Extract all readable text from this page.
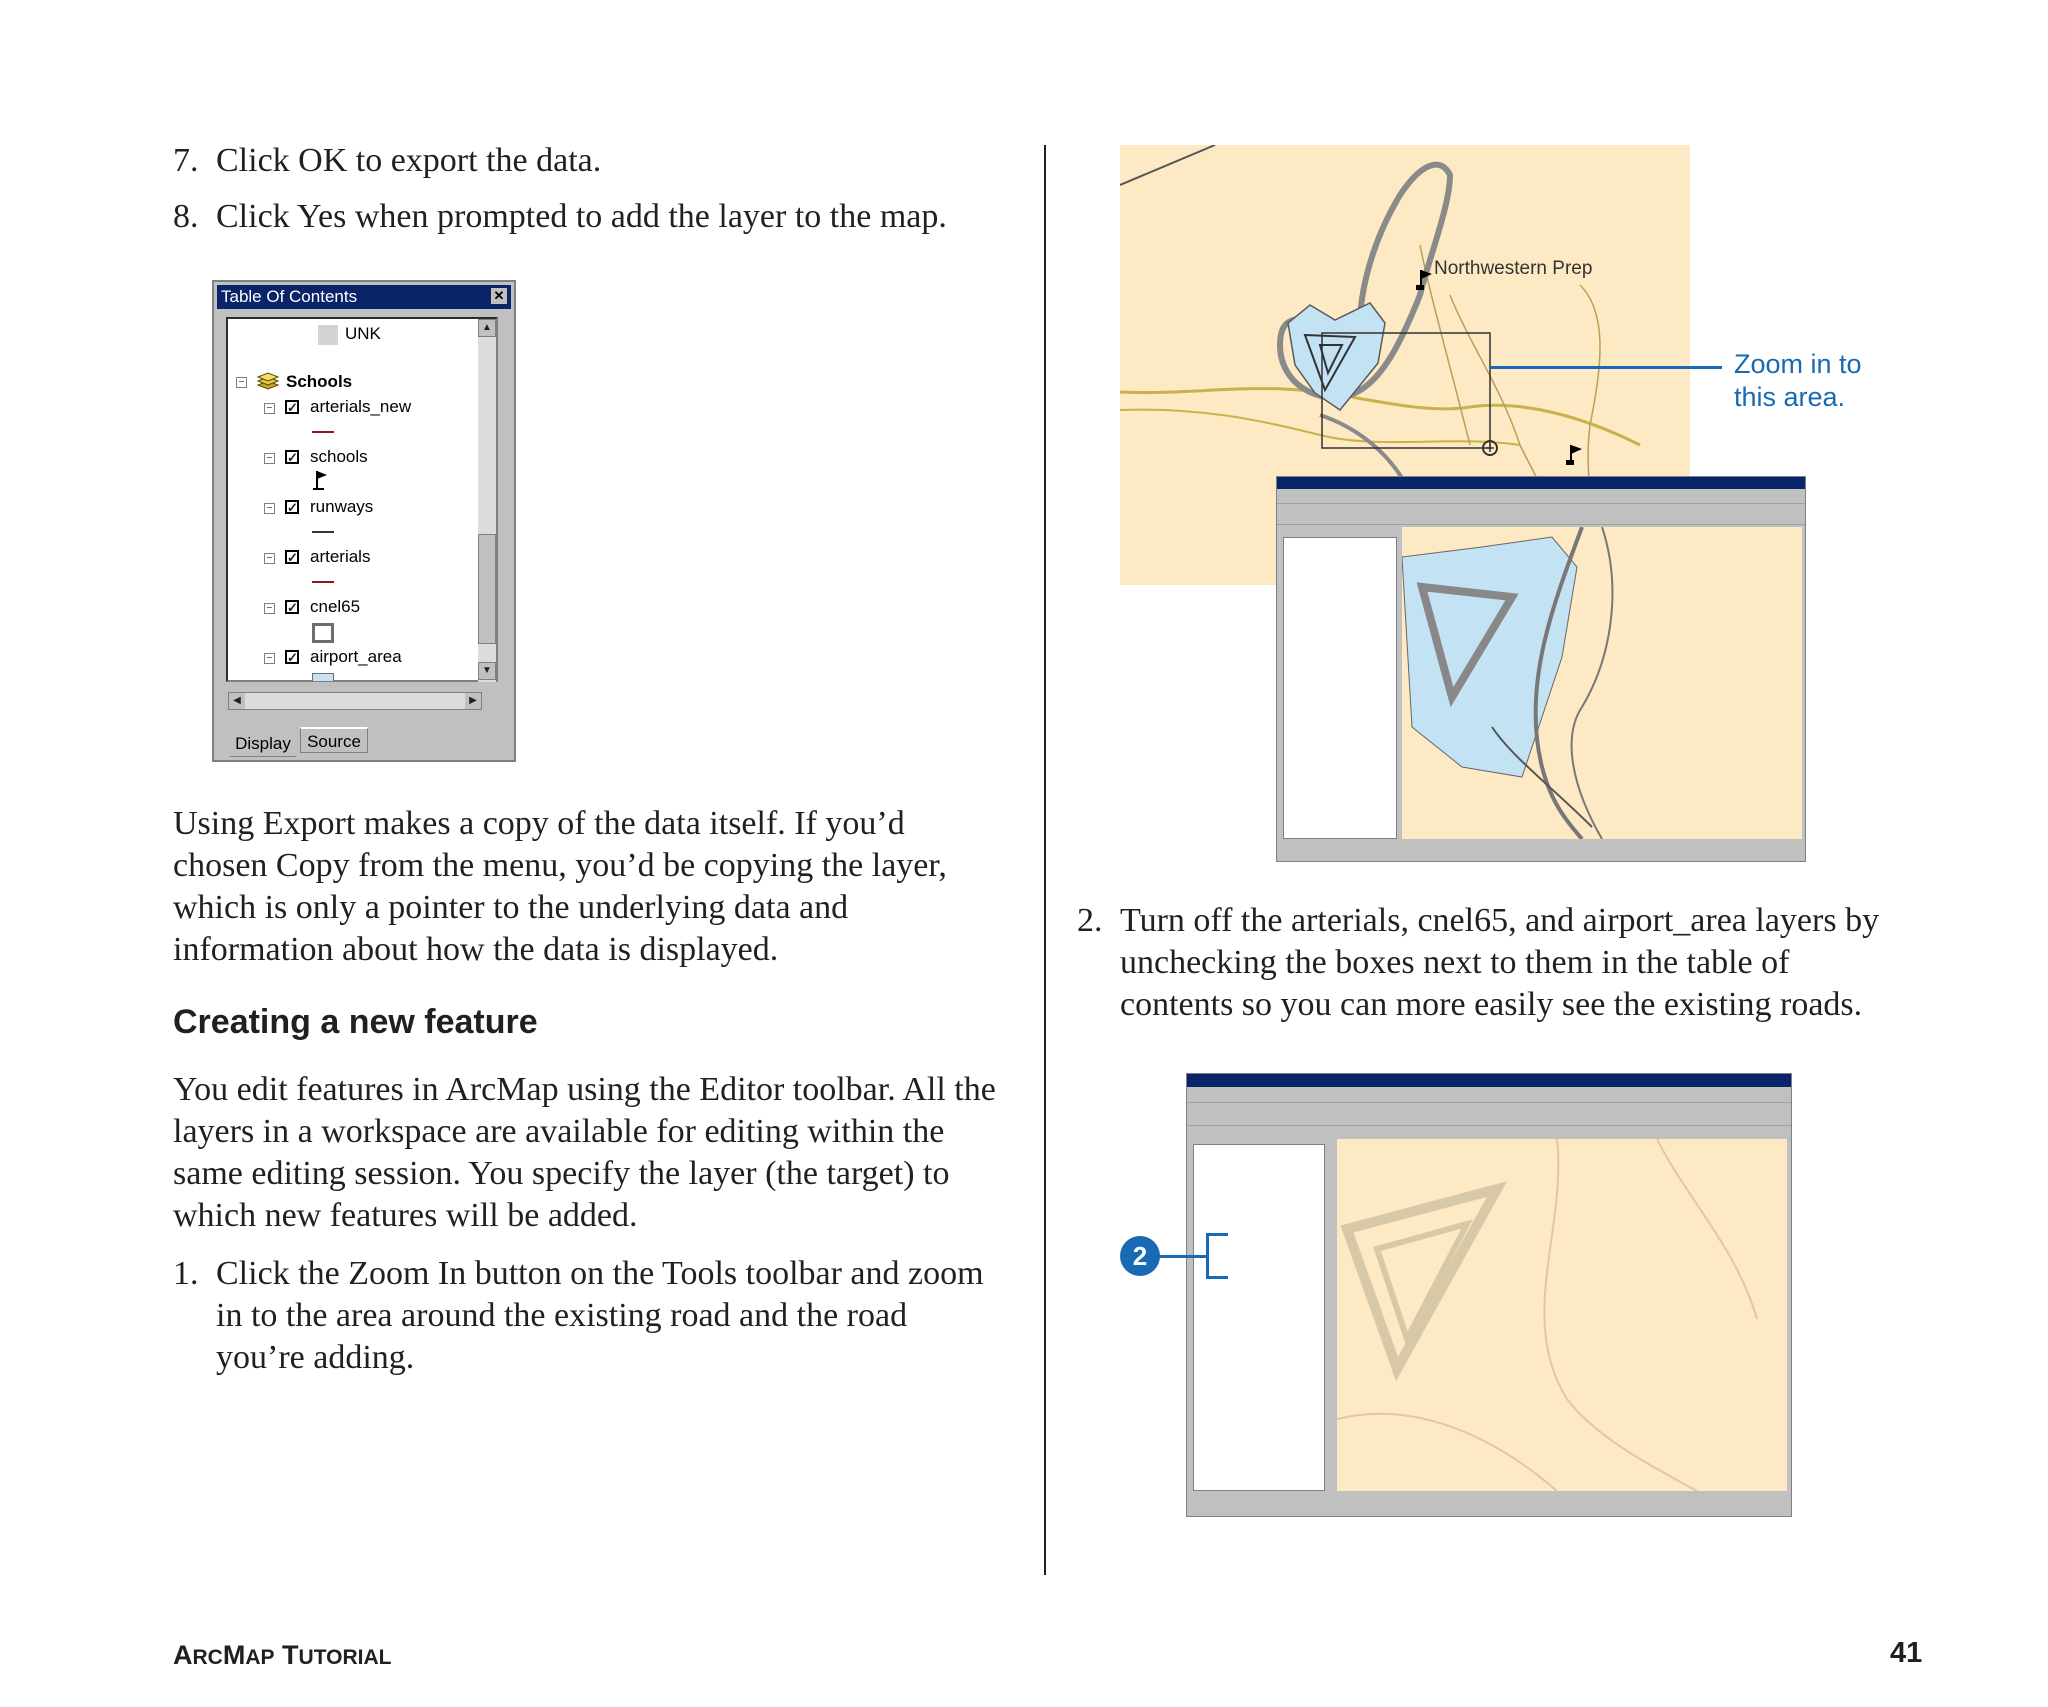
7. Click OK to export the data.
8. Click Yes when prompted to add the layer to the map.
Table Of Contents	✕
UNK
− Schools
− ✓ arterials_new
− ✓ schools
− ✓ runways
− ✓ arterials
− ✓ cnel65
− ✓ airport_area
▲
▼
◀	▶
Display Source
Using Export makes a copy of the data itself. If you’d
chosen Copy from the menu, you’d be copying the layer,
which is only a pointer to the underlying data and
information about how the data is displayed.
Creating a new feature
You edit features in ArcMap using the Editor toolbar. All the
layers in a workspace are available for editing within the
same editing session. You specify the layer (the target) to
which new features will be added.
1. Click the Zoom In button on the Tools toolbar and zoom
in to the area around the existing road and the road
you’re adding.
Northwestern Prep
Zoom in to
this area.
2. Turn off the arterials, cnel65, and airport_area layers by
unchecking the boxes next to them in the table of
contents so you can more easily see the existing roads.
2
ARCMAP TUTORIAL	41
